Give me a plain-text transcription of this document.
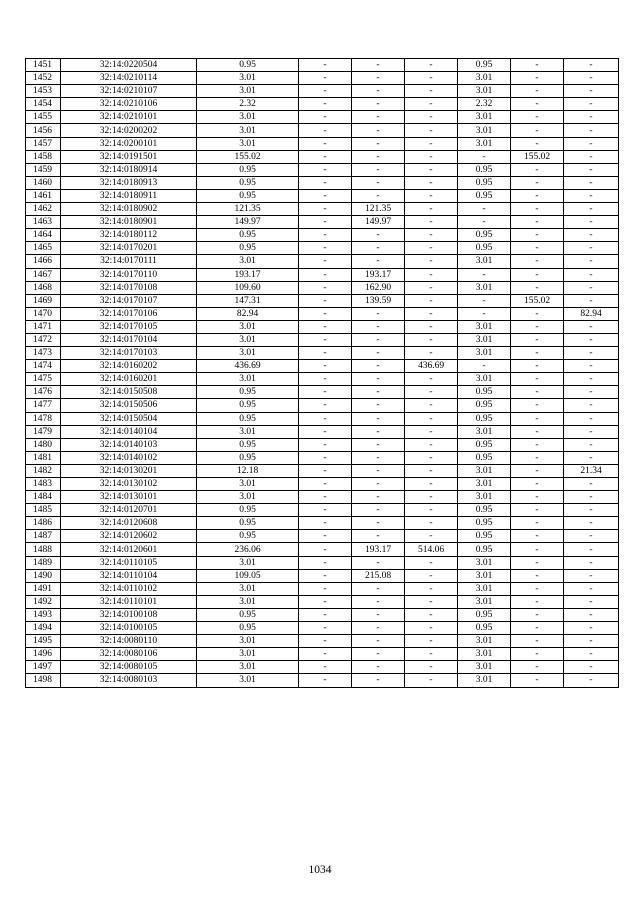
1451	32:14:0220504	0.95	-	-	-	0.95	-	-
1452	32:14:0210114	3.01	-	-	-	3.01	-	-
1453	32:14:0210107	3.01	-	-	-	3.01	-	-
1454	32:14:0210106	2.32	-	-	-	2.32	-	-
1455	32:14:0210101	3.01	-	-	-	3.01	-	-
1456	32:14:0200202	3.01	-	-	-	3.01	-	-
1457	32:14:0200101	3.01	-	-	-	3.01	-	-
1458	32:14:0191501	155.02	-	-	-	-	155.02	-
1459	32:14:0180914	0.95	-	-	-	0.95	-	-
1460	32:14:0180913	0.95	-	-	-	0.95	-	-
1461	32:14:0180911	0.95	-	-	-	0.95	-	-
1462	32:14:0180902	121.35	-	121.35	-	-	-	-
1463	32:14:0180901	149.97	-	149.97	-	-	-	-
1464	32:14:0180112	0.95	-	-	-	0.95	-	-
1465	32:14:0170201	0.95	-	-	-	0.95	-	-
1466	32:14:0170111	3.01	-	-	-	3.01	-	-
1467	32:14:0170110	193.17	-	193.17	-	-	-	-
1468	32:14:0170108	109.60	-	162.90	-	3.01	-	-
1469	32:14:0170107	147.31	-	139.59	-	-	155.02	-
1470	32:14:0170106	82.94	-	-	-	-	-	82.94
1471	32:14:0170105	3.01	-	-	-	3.01	-	-
1472	32:14:0170104	3.01	-	-	-	3.01	-	-
1473	32:14:0170103	3.01	-	-	-	3.01	-	-
1474	32:14:0160202	436.69	-	-	436.69	-	-	-
1475	32:14:0160201	3.01	-	-	-	3.01	-	-
1476	32:14:0150508	0.95	-	-	-	0.95	-	-
1477	32:14:0150506	0.95	-	-	-	0.95	-	-
1478	32:14:0150504	0.95	-	-	-	0.95	-	-
1479	32:14:0140104	3.01	-	-	-	3.01	-	-
1480	32:14:0140103	0.95	-	-	-	0.95	-	-
1481	32:14:0140102	0.95	-	-	-	0.95	-	-
1482	32:14:0130201	12.18	-	-	-	3.01	-	21.34
1483	32:14:0130102	3.01	-	-	-	3.01	-	-
1484	32:14:0130101	3.01	-	-	-	3.01	-	-
1485	32:14:0120701	0.95	-	-	-	0.95	-	-
1486	32:14:0120608	0.95	-	-	-	0.95	-	-
1487	32:14:0120602	0.95	-	-	-	0.95	-	-
1488	32:14:0120601	236.06	-	193.17	514.06	0.95	-	-
1489	32:14:0110105	3.01	-	-	-	3.01	-	-
1490	32:14:0110104	109.05	-	215.08	-	3.01	-	-
1491	32:14:0110102	3.01	-	-	-	3.01	-	-
1492	32:14:0110101	3.01	-	-	-	3.01	-	-
1493	32:14:0100108	0.95	-	-	-	0.95	-	-
1494	32:14:0100105	0.95	-	-	-	0.95	-	-
1495	32:14:0080110	3.01	-	-	-	3.01	-	-
1496	32:14:0080106	3.01	-	-	-	3.01	-	-
1497	32:14:0080105	3.01	-	-	-	3.01	-	-
1498	32:14:0080103	3.01	-	-	-	3.01	-	-
1034
